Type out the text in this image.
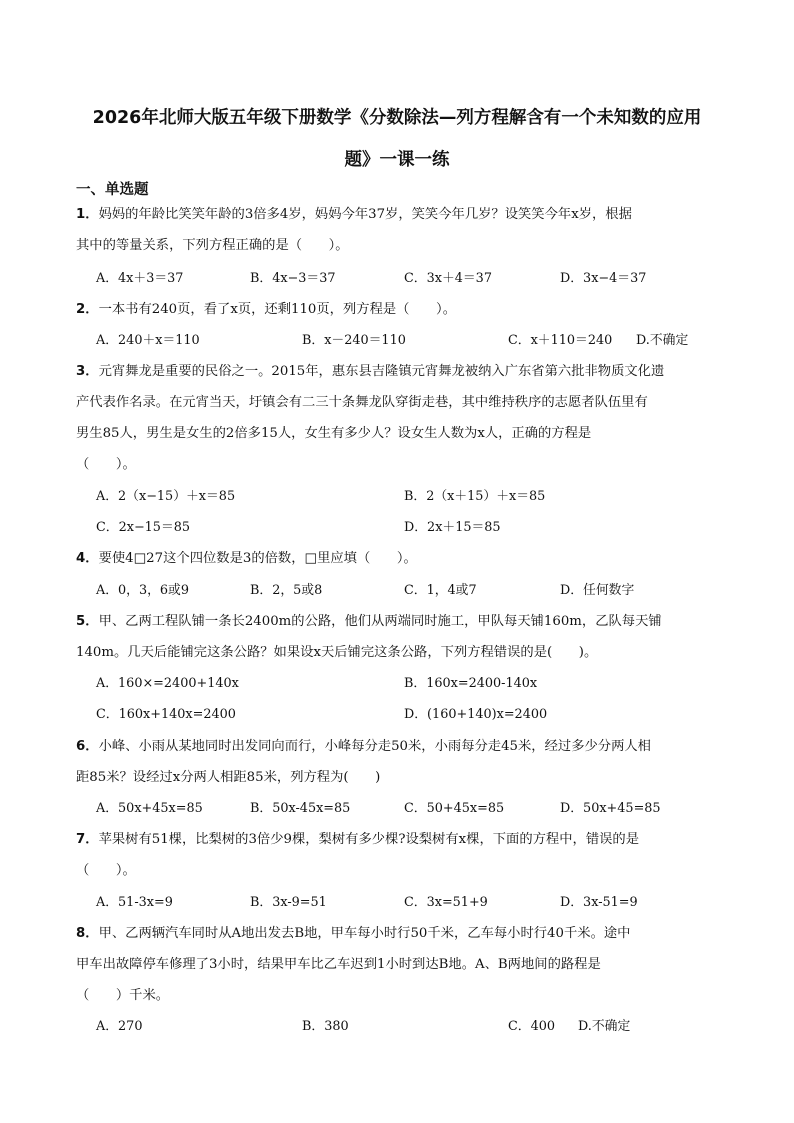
2026年北师大版五年级下册数学《分数除法—列方程解含有一个未知数的应用
题》一课一练
一、单选题
1．妈妈的年龄比笑笑年龄的3倍多4岁，妈妈今年37岁，笑笑今年几岁？设笑笑今年x岁，根据
其中的等量关系，下列方程正确的是（　　）。
A．4x＋3＝37	B．4x−3＝37	C．3x＋4＝37	D．3x−4＝37
2．一本书有240页，看了x页，还剩110页，列方程是（　　）。
A．240＋x＝110	B．x－240＝110	C．x＋110＝240 D.不确定
3．元宵舞龙是重要的民俗之一。2015年，惠东县吉隆镇元宵舞龙被纳入广东省第六批非物质文化遗
产代表作名录。在元宵当天，圩镇会有二三十条舞龙队穿街走巷，其中维持秩序的志愿者队伍里有
男生85人，男生是女生的2倍多15人，女生有多少人？设女生人数为x人，正确的方程是
（　　）。
A．2（x−15）＋x＝85	B．2（x＋15）＋x＝85
C．2x−15＝85	D．2x＋15＝85
4．要使4□27这个四位数是3的倍数，□里应填（　　）。
A．0，3，6或9	B．2，5或8	C．1，4或7	D．任何数字
5．甲、乙两工程队铺一条长2400m的公路，他们从两端同时施工，甲队每天铺160m，乙队每天铺
140m。几天后能铺完这条公路？如果设x天后铺完这条公路，下列方程错误的是(　　)。
A．160×=2400+140x	B．160x=2400-140x
C．160x+140x=2400	D．(160+140)x=2400
6．小峰、小雨从某地同时出发同向而行，小峰每分走50米，小雨每分走45米，经过多少分两人相
距85米？设经过x分两人相距85米，列方程为(　　)
A．50x+45x=85	B．50x-45x=85	C．50+45x=85	D．50x+45=85
7．苹果树有51棵，比梨树的3倍少9棵，梨树有多少棵?设梨树有x棵，下面的方程中，错误的是
（　　）。
A．51-3x=9	B．3x-9=51	C．3x=51+9	D．3x-51=9
8．甲、乙两辆汽车同时从A地出发去B地，甲车每小时行50千米，乙车每小时行40千米。途中
甲车出故障停车修理了3小时，结果甲车比乙车迟到1小时到达B地。A、B两地间的路程是
（　　）千米。
A．270	B．380	C．400 D.不确定
